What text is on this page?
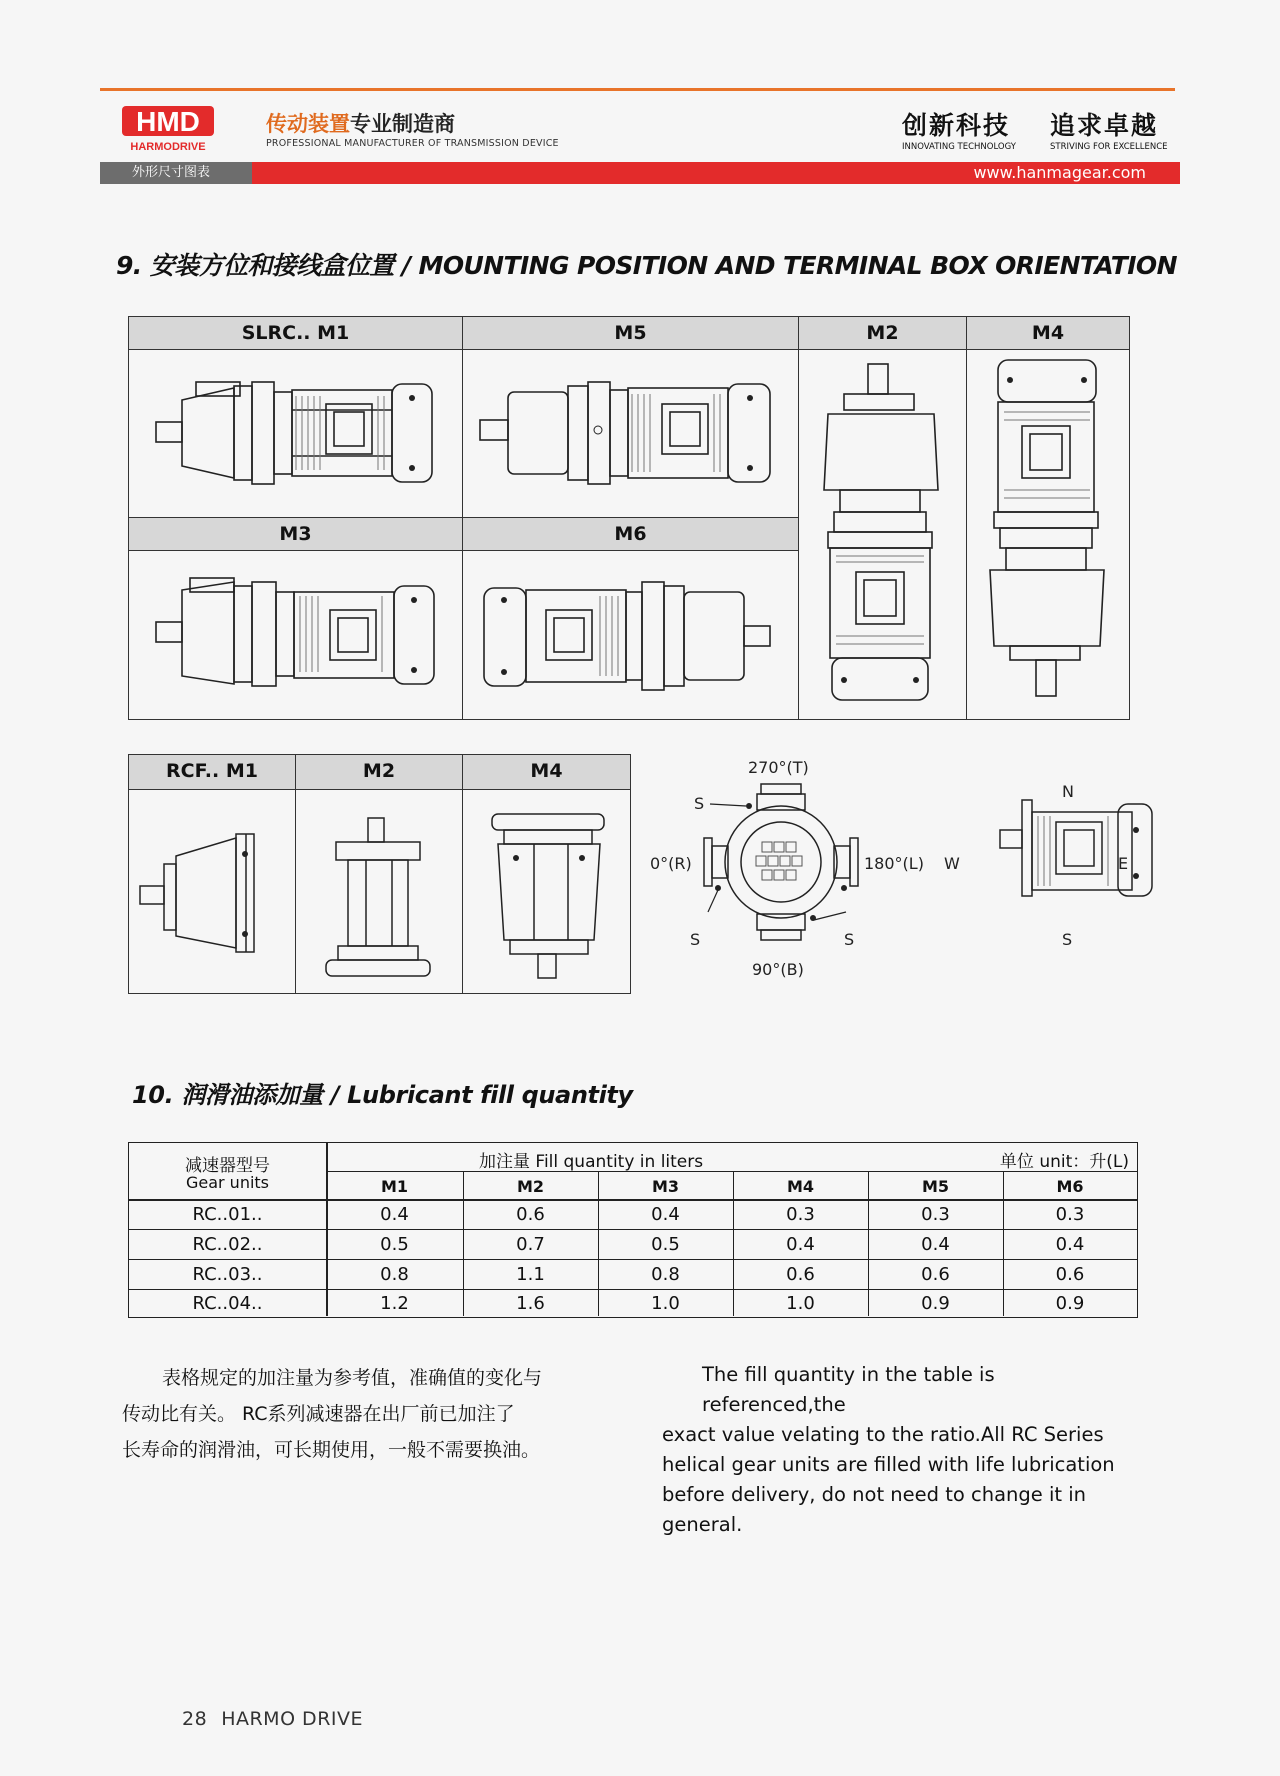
HMD
HARMODRIVE
传动装置专业制造商
PROFESSIONAL MANUFACTURER OF TRANSMISSION DEVICE
创新科技
INNOVATING TECHNOLOGY
追求卓越
STRIVING FOR EXCELLENCE
外形尺寸图表	www.hanmagear.com
9. 安装方位和接线盒位置 / MOUNTING POSITION AND TERMINAL BOX ORIENTATION
SLRC.. M1	M5	M2	M4
M3	M6
RCF.. M1	M2	M4	270°(T)
S
0°(R)	180°(L)
S	S
90°(B)
N
W	E
S
10. 润滑油添加量 / Lubricant fill quantity
减速器型号
Gear units
加注量 Fill quantity in liters	单位 unit：升(L)
M1	M2	M3	M4	M5	M6
RC..01..	0.4	0.6	0.4	0.3	0.3	0.3
RC..02..	0.5	0.7	0.5	0.4	0.4	0.4
RC..03..	0.8	1.1	0.8	0.6	0.6	0.6
RC..04..	1.2	1.6	1.0	1.0	0.9	0.9
表格规定的加注量为参考值，准确值的变化与
传动比有关。 RC系列减速器在出厂前已加注了
长寿命的润滑油，可长期使用，一般不需要换油。
The fill quantity in the table is referenced,the
exact value velating to the ratio.All RC Series
helical gear units are filled with life lubrication
before delivery, do not need to change it in
general.
28 HARMO DRIVE
